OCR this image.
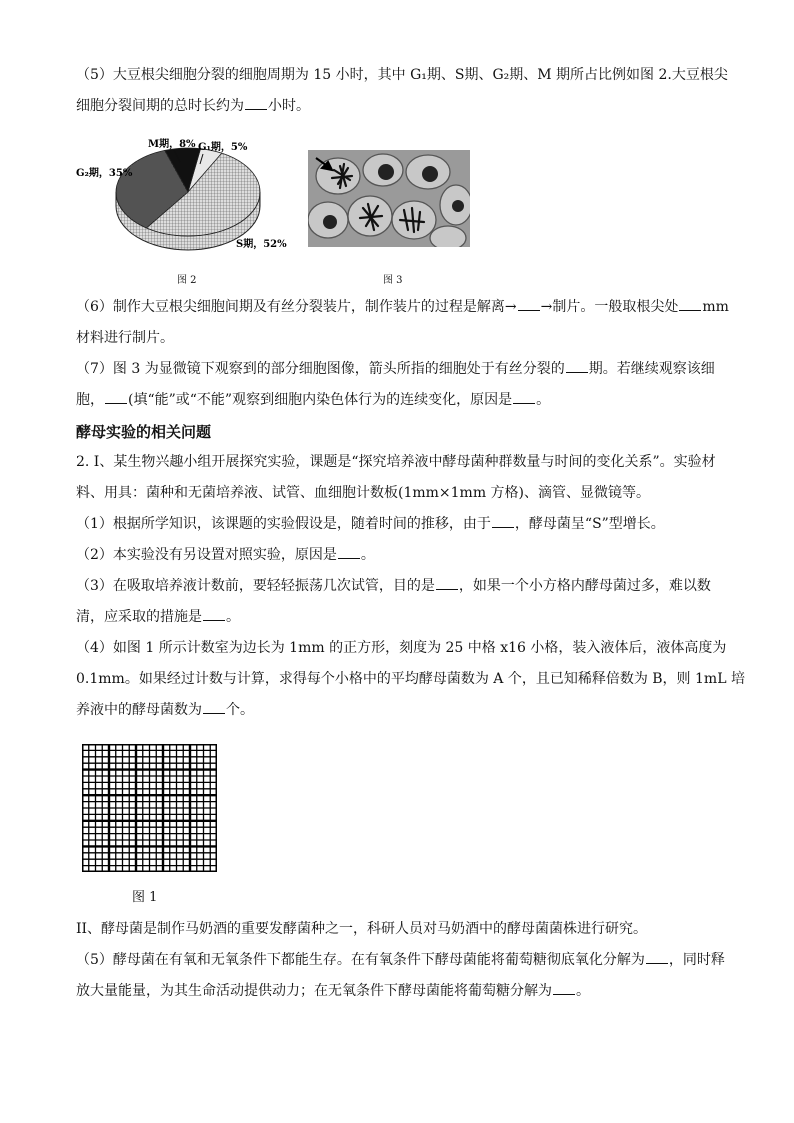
（5）大豆根尖细胞分裂的细胞周期为 15 小时，其中 G₁期、S期、G₂期、M 期所占比例如图 2.大豆根尖

细胞分裂间期的总时长约为 小时。

M期，8% G₁期，5%
G₂期，35%
S期，52%
图 2	图 3

（6）制作大豆根尖细胞间期及有丝分裂装片，制作装片的过程是解离→ →制片。一般取根尖处 mm

材料进行制片。

（7）图 3 为显微镜下观察到的部分细胞图像，箭头所指的细胞处于有丝分裂的 期。若继续观察该细

胞， (填“能”或“不能”观察到细胞内染色体行为的连续变化，原因是 。

酵母实验的相关问题

2. I、某生物兴趣小组开展探究实验，课题是“探究培养液中酵母菌种群数量与时间的变化关系”。实验材

料、用具：菌种和无菌培养液、试管、血细胞计数板(1mm×1mm 方格)、滴管、显微镜等。

（1）根据所学知识，该课题的实验假设是，随着时间的推移，由于 ，酵母菌呈“S”型增长。

（2）本实验没有另设置对照实验，原因是 。

（3）在吸取培养液计数前，要轻轻振荡几次试管，目的是 ，如果一个小方格内酵母菌过多，难以数

清，应采取的措施是 。

（4）如图 1 所示计数室为边长为 1mm 的正方形，刻度为 25 中格 x16 小格，装入液体后，液体高度为

0.1mm。如果经过计数与计算，求得每个小格中的平均酵母菌数为 A 个，且已知稀释倍数为 B，则 1mL 培

养液中的酵母菌数为 个。

图 1

II、酵母菌是制作马奶酒的重要发酵菌种之一，科研人员对马奶酒中的酵母菌菌株进行研究。

（5）酵母菌在有氧和无氧条件下都能生存。在有氧条件下酵母菌能将葡萄糖彻底氧化分解为 ，同时释

放大量能量，为其生命活动提供动力；在无氧条件下酵母菌能将葡萄糖分解为 。
